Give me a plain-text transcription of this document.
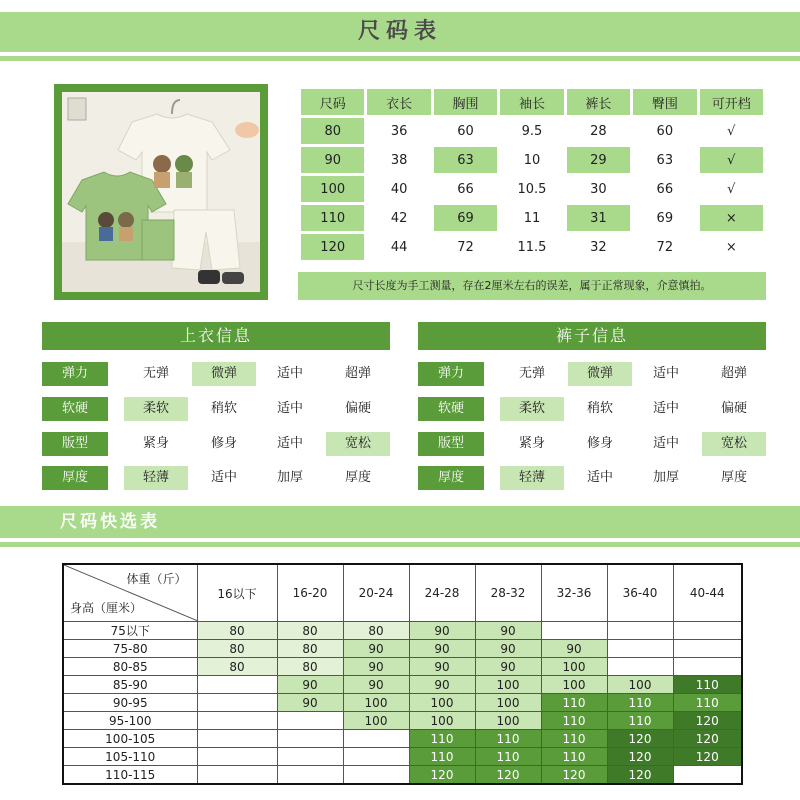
尺码表
尺码	衣长	胸围	袖长	裤长	臀围	可开档
80	36	60	9.5	28	60	√
90	38	63	10	29	63	√
100	40	66	10.5	30	66	√
110	42	69	11	31	69	×
120	44	72	11.5	32	72	×
尺寸长度为手工测量，存在2厘米左右的误差，属于正常现象，介意慎拍。
上衣信息
弹力	无弹	微弹	适中	超弹
软硬	柔软	稍软	适中	偏硬
版型	紧身	修身	适中	宽松
厚度	轻薄	适中	加厚	厚度
裤子信息
弹力	无弹	微弹	适中	超弹
软硬	柔软	稍软	适中	偏硬
版型	紧身	修身	适中	宽松
厚度	轻薄	适中	加厚	厚度
尺码快选表
体重（斤）
身高（厘米）	16以下	16-20	20-24	24-28	28-32	32-36	36-40	40-44
75以下	80	80	80	90	90			
75-80	80	80	90	90	90	90		
80-85	80	80	90	90	90	100		
85-90		90	90	90	100	100	100	110
90-95		90	100	100	100	110	110	110
95-100			100	100	100	110	110	120
100-105				110	110	110	120	120
105-110				110	110	110	120	120
110-115				120	120	120	120	
